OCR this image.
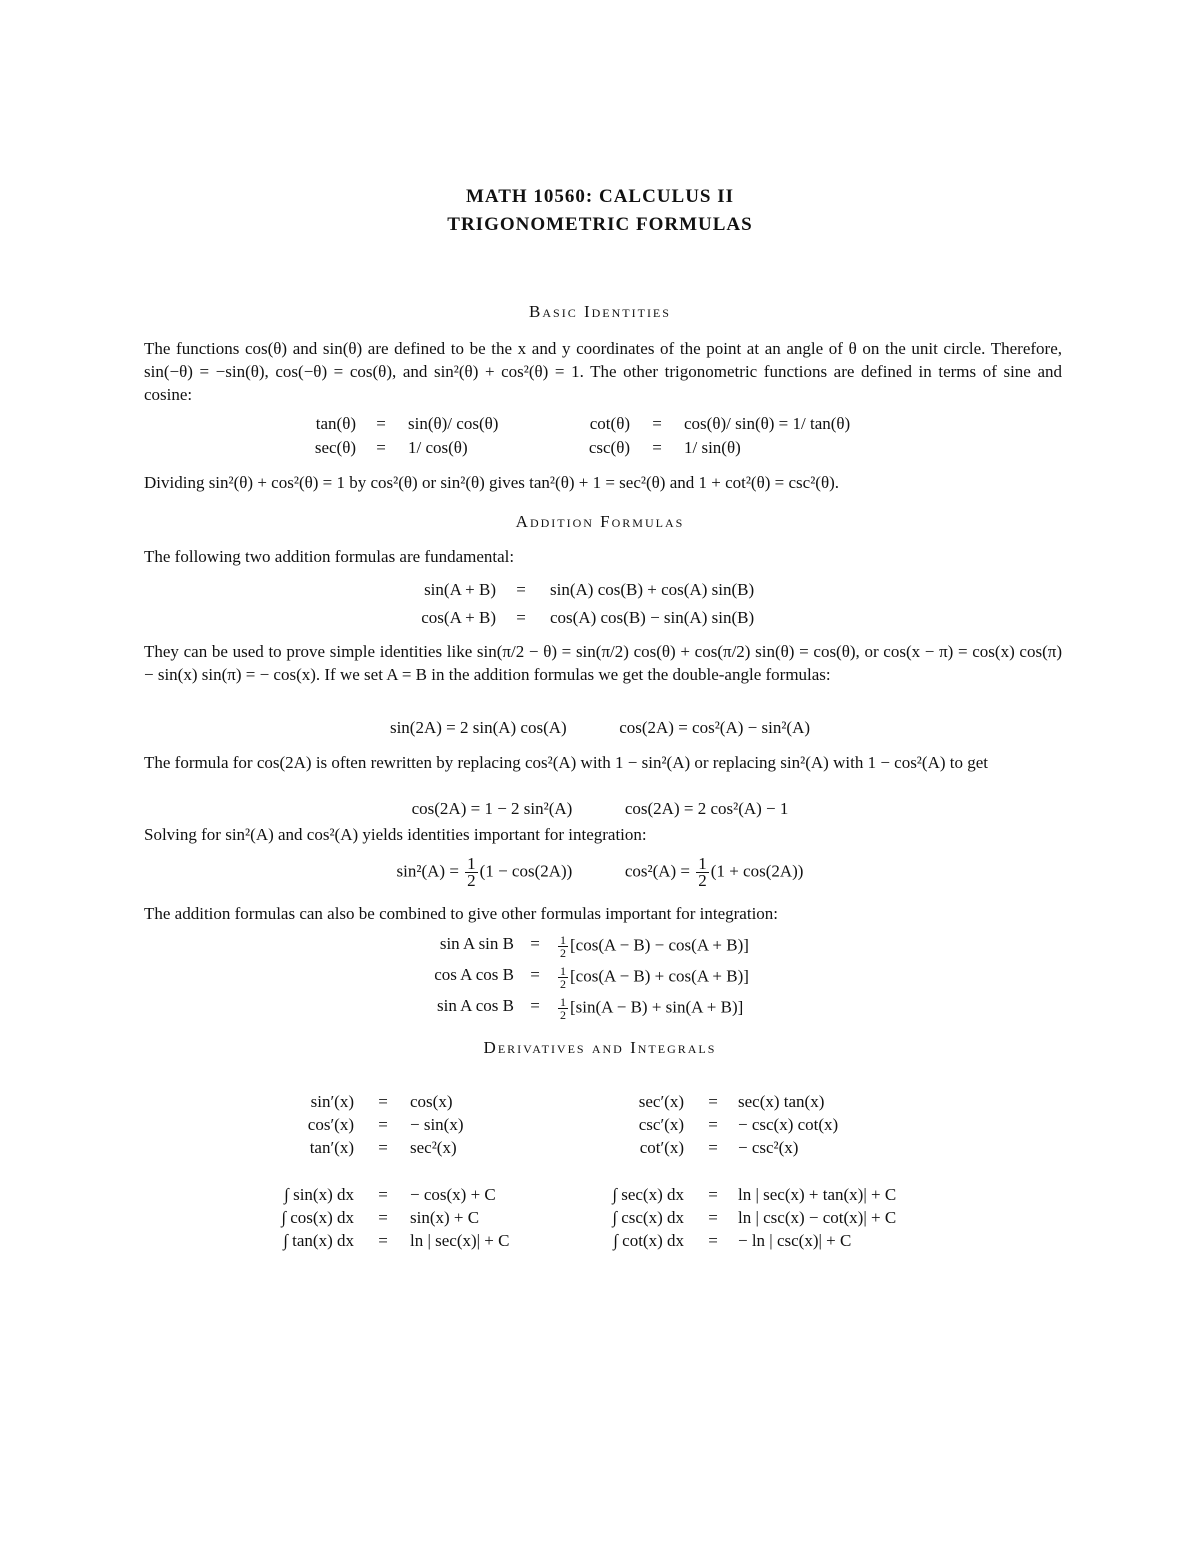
MATH 10560: CALCULUS II
TRIGONOMETRIC FORMULAS
Basic Identities
The functions cos(θ) and sin(θ) are defined to be the x and y coordinates of the point at an angle of θ on the unit circle. Therefore, sin(−θ) = −sin(θ), cos(−θ) = cos(θ), and sin²(θ) + cos²(θ) = 1. The other trigonometric functions are defined in terms of sine and cosine:
tan(θ)	=	sin(θ)/ cos(θ)	cot(θ)	=	cos(θ)/ sin(θ) = 1/ tan(θ)
sec(θ)	=	1/ cos(θ)	csc(θ)	=	1/ sin(θ)
Dividing sin²(θ) + cos²(θ) = 1 by cos²(θ) or sin²(θ) gives tan²(θ) + 1 = sec²(θ) and 1 + cot²(θ) = csc²(θ).
Addition Formulas
The following two addition formulas are fundamental:
sin(A + B)	=	sin(A) cos(B) + cos(A) sin(B)
cos(A + B)	=	cos(A) cos(B) − sin(A) sin(B)
They can be used to prove simple identities like sin(π/2 − θ) = sin(π/2) cos(θ) + cos(π/2) sin(θ) = cos(θ), or cos(x − π) = cos(x) cos(π) − sin(x) sin(π) = − cos(x). If we set A = B in the addition formulas we get the double-angle formulas:
sin(2A) = 2 sin(A) cos(A)	cos(2A) = cos²(A) − sin²(A)
The formula for cos(2A) is often rewritten by replacing cos²(A) with 1 − sin²(A) or replacing sin²(A) with 1 − cos²(A) to get
cos(2A) = 1 − 2 sin²(A)	cos(2A) = 2 cos²(A) − 1
Solving for sin²(A) and cos²(A) yields identities important for integration:
$\sin^2(A) = \frac{1}{2} (1 - \cos(2A))$	$\cos^2(A) = \frac{1}{2} (1 + \cos(2A))$
The addition formulas can also be combined to give other formulas important for integration:
sin A sin B =	$\frac{1}{2} [\cos(A - B) - \cos(A + B)]$
cos A cos B =	$\frac{1}{2} [\cos(A - B) + \cos(A + B)]$
sin A cos B =	$\frac{1}{2} [\sin(A - B) + \sin(A + B)]$
Derivatives and Integrals
sin′(x)	=	cos(x)	sec′(x)	=	sec(x) tan(x)
cos′(x)	=	− sin(x)	csc′(x)	=	− csc(x) cot(x)
tan′(x)	=	sec²(x)	cot′(x)	=	− csc²(x)
∫ sin(x) dx	=	− cos(x) + C	∫ sec(x) dx	=	ln | sec(x) + tan(x)| + C
∫ cos(x) dx	=	sin(x) + C	∫ csc(x) dx	=	ln | csc(x) − cot(x)| + C
∫ tan(x) dx	=	ln | sec(x)| + C	∫ cot(x) dx	=	− ln | csc(x)| + C
